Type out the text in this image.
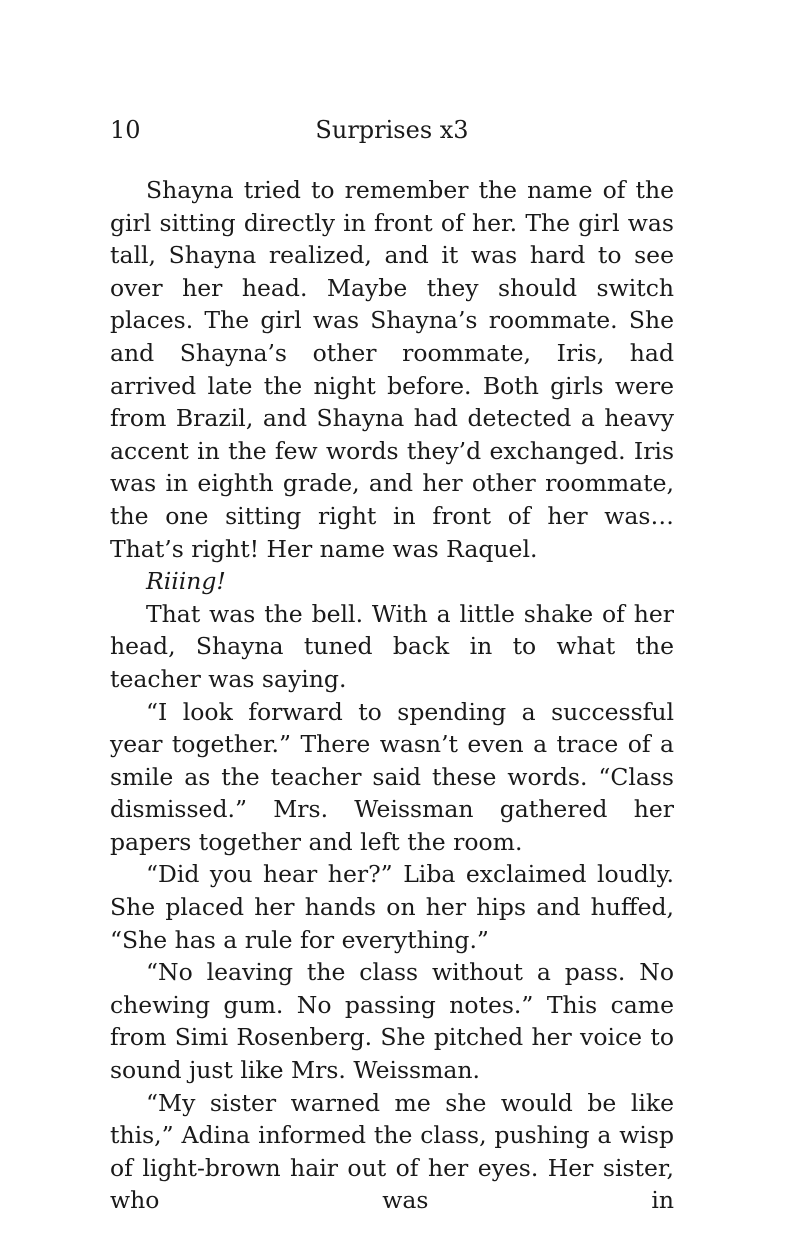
10	Surprises x3

Shayna tried to remember the name of the girl sitting directly in front of her. The girl was tall, Shayna realized, and it was hard to see over her head. Maybe they should switch places. The girl was Shayna’s roommate. She and Shayna’s other roommate, Iris, had arrived late the night before. Both girls were from Brazil, and Shayna had detected a heavy accent in the few words they’d exchanged. Iris was in eighth grade, and her other roommate, the one sitting right in front of her was… That’s right! Her name was Raquel.

Riiing!

That was the bell. With a little shake of her head, Shayna tuned back in to what the teacher was saying.

“I look forward to spending a successful year together.” There wasn’t even a trace of a smile as the teacher said these words. “Class dismissed.” Mrs. Weissman gathered her papers together and left the room.

“Did you hear her?” Liba exclaimed loudly. She placed her hands on her hips and huffed, “She has a rule for everything.”

“No leaving the class without a pass. No chewing gum. No passing notes.” This came from Simi Rosenberg. She pitched her voice to sound just like Mrs. Weissman.

“My sister warned me she would be like this,” Adina informed the class, pushing a wisp of light-brown hair out of her eyes. Her sister, who was in
